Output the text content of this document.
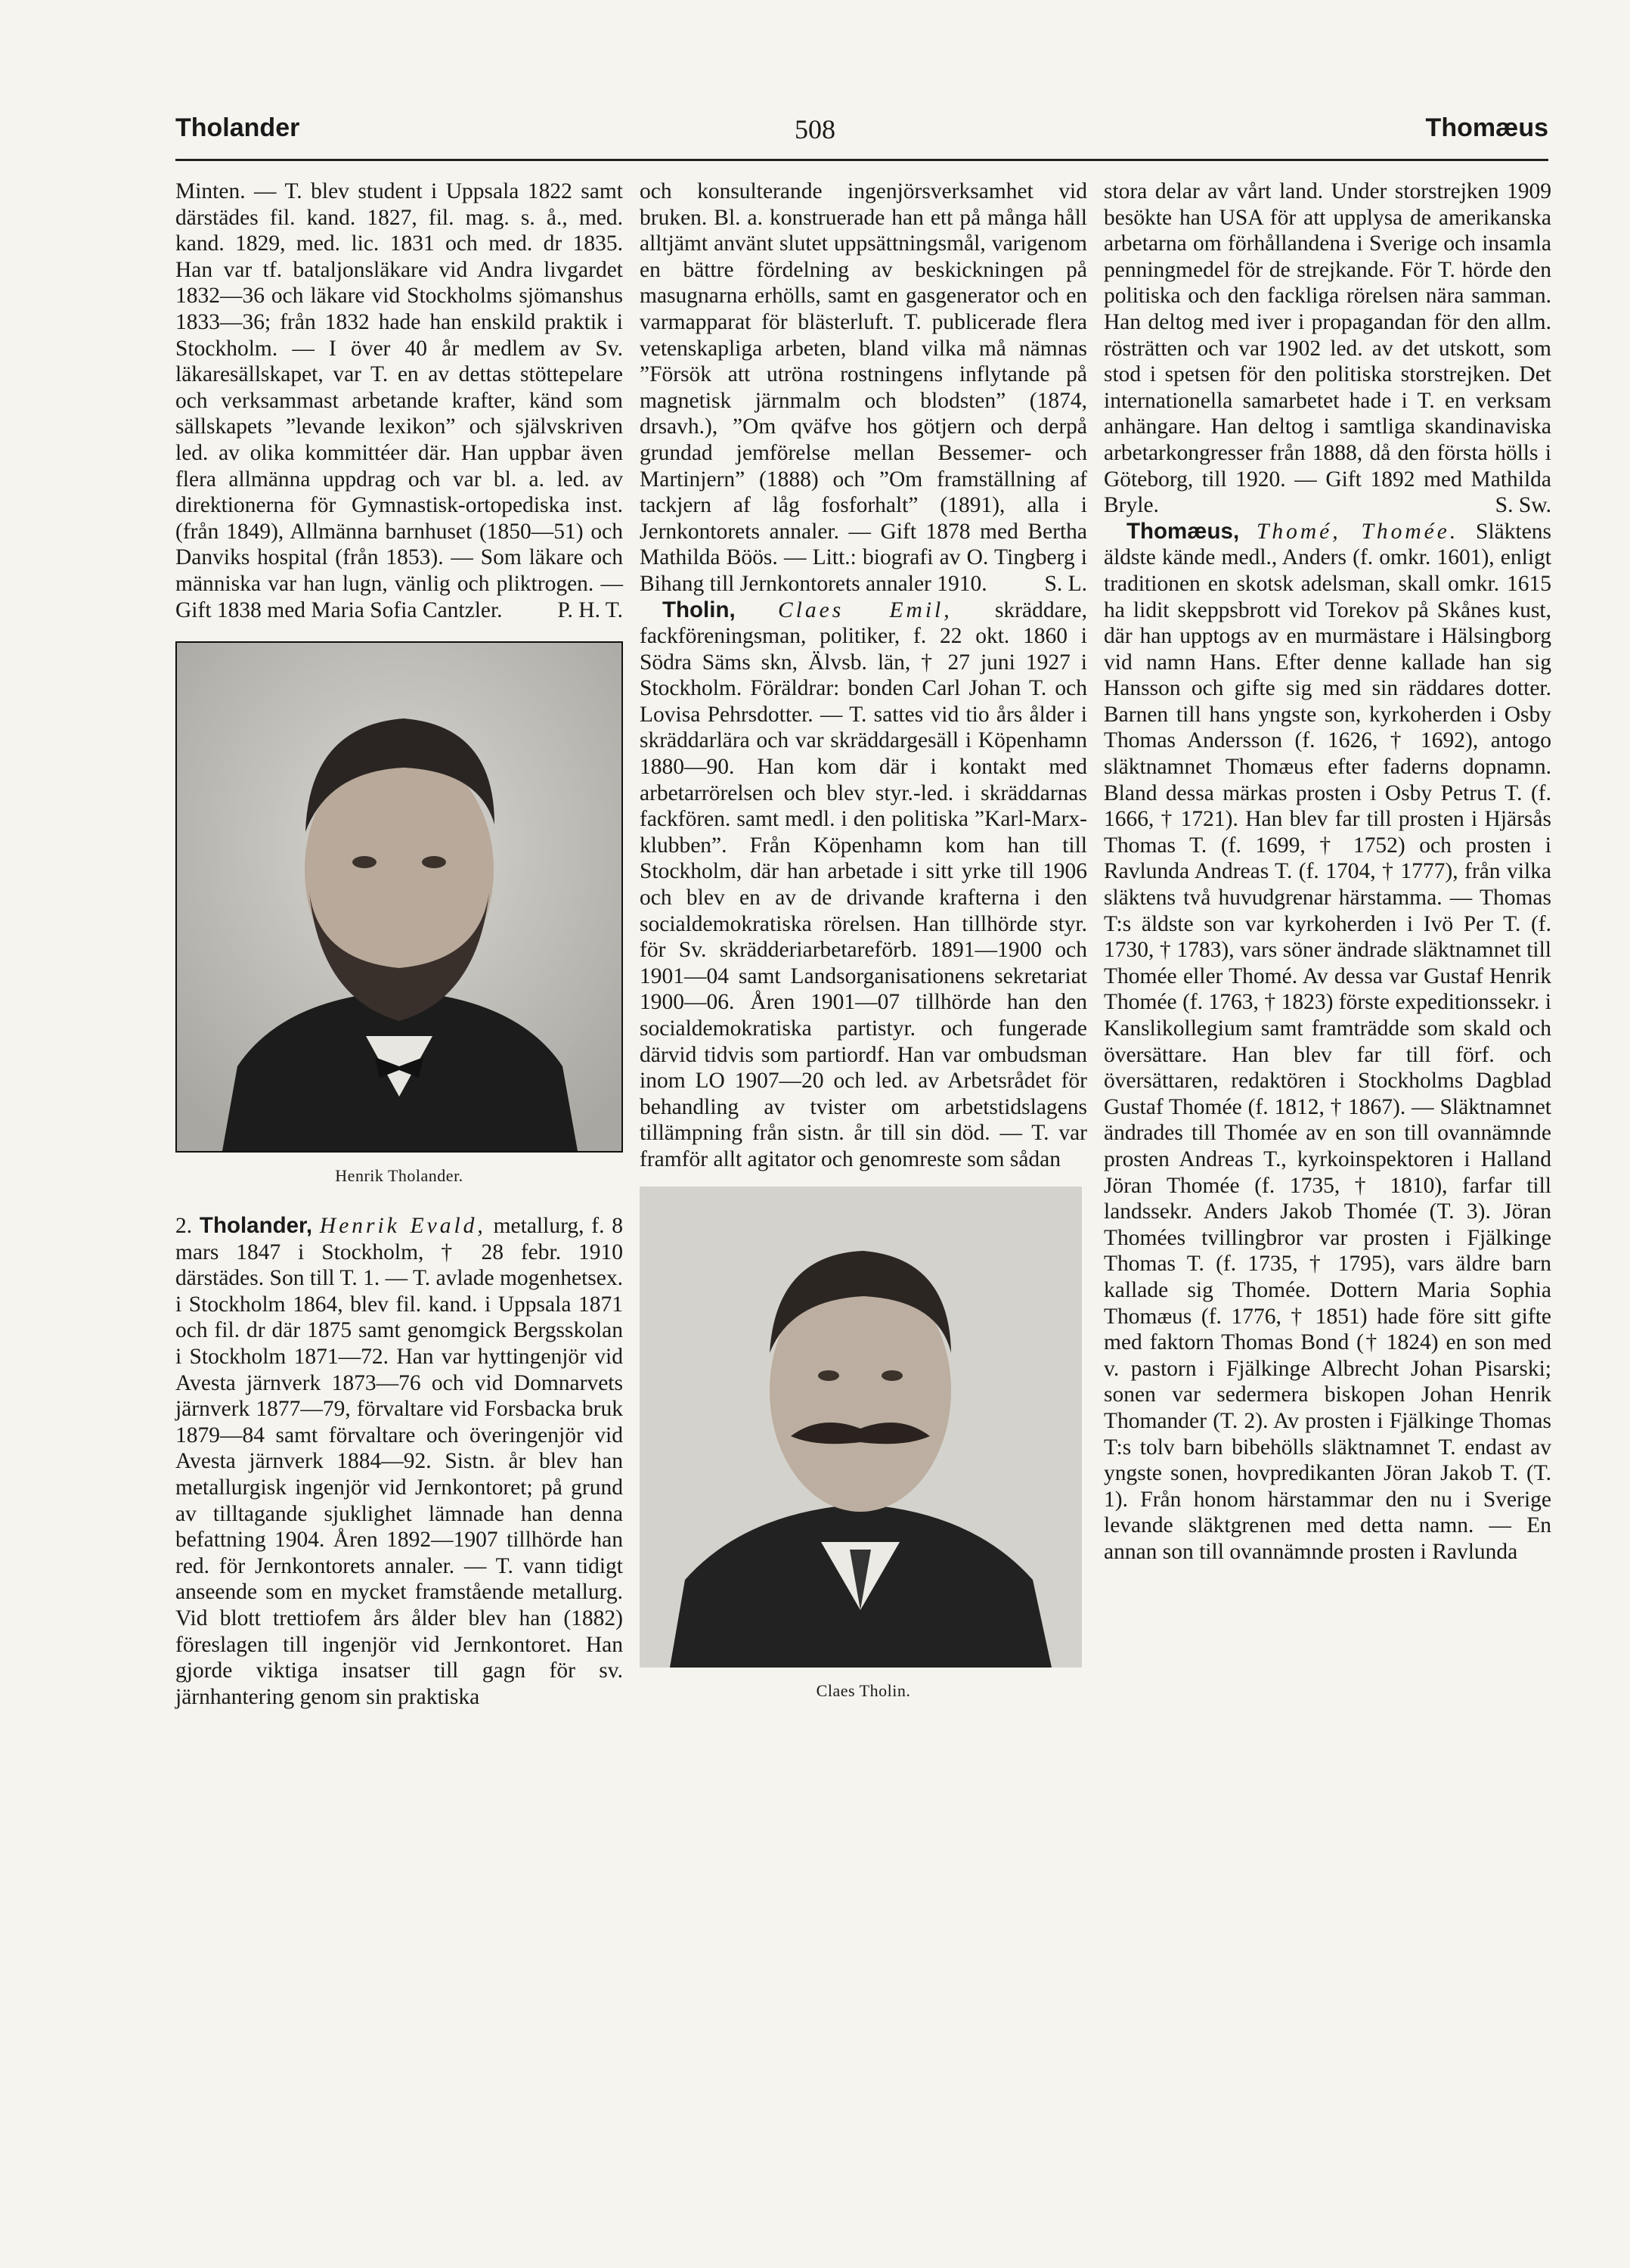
Tholander	508	Thomæus

Minten. — T. blev student i Uppsala 1822 samt därstädes fil. kand. 1827, fil. mag. s. å., med. kand. 1829, med. lic. 1831 och med. dr 1835. Han var tf. bataljonsläkare vid Andra livgardet 1832—36 och läkare vid Stockholms sjömanshus 1833—36; från 1832 hade han enskild praktik i Stockholm. — I över 40 år medlem av Sv. läkaresällskapet, var T. en av dettas stöttepelare och verksammast arbetande krafter, känd som sällskapets ”levande lexikon” och självskriven led. av olika kommittéer där. Han uppbar även flera allmänna uppdrag och var bl. a. led. av direktionerna för Gymnastisk-ortopediska inst. (från 1849), Allmänna barnhuset (1850—51) och Danviks hospital (från 1853). — Som läkare och människa var han lugn, vänlig och pliktrogen. — Gift 1838 med Maria Sofia Cantzler. P. H. T.

Henrik Tholander.

2. Tholander, Henrik Evald, metallurg, f. 8 mars 1847 i Stockholm, † 28 febr. 1910 därstädes. Son till T. 1. — T. avlade mogenhetsex. i Stockholm 1864, blev fil. kand. i Uppsala 1871 och fil. dr där 1875 samt genomgick Bergsskolan i Stockholm 1871—72. Han var hyttingenjör vid Avesta järnverk 1873—76 och vid Domnarvets järnverk 1877—79, förvaltare vid Forsbacka bruk 1879—84 samt förvaltare och överingenjör vid Avesta järnverk 1884—92. Sistn. år blev han metallurgisk ingenjör vid Jernkontoret; på grund av tilltagande sjuklighet lämnade han denna befattning 1904. Åren 1892—1907 tillhörde han red. för Jernkontorets annaler. — T. vann tidigt anseende som en mycket framstående metallurg. Vid blott trettiofem års ålder blev han (1882) föreslagen till ingenjör vid Jernkontoret. Han gjorde viktiga insatser till gagn för sv. järnhantering genom sin praktiska

och konsulterande ingenjörsverksamhet vid bruken. Bl. a. konstruerade han ett på många håll alltjämt använt slutet uppsättningsmål, varigenom en bättre fördelning av beskickningen på masugnarna erhölls, samt en gasgenerator och en varmapparat för blästerluft. T. publicerade flera vetenskapliga arbeten, bland vilka må nämnas ”Försök att utröna rostningens inflytande på magnetisk järnmalm och blodsten” (1874, drsavh.), ”Om qväfve hos götjern och derpå grundad jemförelse mellan Bessemer- och Martinjern” (1888) och ”Om framställning af tackjern af låg fosforhalt” (1891), alla i Jernkontorets annaler. — Gift 1878 med Bertha Mathilda Böös. — Litt.: biografi av O. Tingberg i Bihang till Jernkontorets annaler 1910.	S. L.

Tholin, Claes Emil, skräddare, fackföreningsman, politiker, f. 22 okt. 1860 i Södra Säms skn, Älvsb. län, † 27 juni 1927 i Stockholm. Föräldrar: bonden Carl Johan T. och Lovisa Pehrsdotter. — T. sattes vid tio års ålder i skräddarlära och var skräddargesäll i Köpenhamn 1880—90. Han kom där i kontakt med arbetarrörelsen och blev styr.-led. i skräddarnas fackfören. samt medl. i den politiska ”Karl-Marx-klubben”. Från Köpenhamn kom han till Stockholm, där han arbetade i sitt yrke till 1906 och blev en av de drivande krafterna i den socialdemokratiska rörelsen. Han tillhörde styr. för Sv. skrädderiarbetareförb. 1891—1900 och 1901—04 samt Landsorganisationens sekretariat 1900—06. Åren 1901—07 tillhörde han den socialdemokratiska partistyr. och fungerade därvid tidvis som partiordf. Han var ombudsman inom LO 1907—20 och led. av Arbetsrådet för behandling av tvister om arbetstidslagens tillämpning från sistn. år till sin död. — T. var framför allt agitator och genomreste som sådan

Claes Tholin.

stora delar av vårt land. Under storstrejken 1909 besökte han USA för att upplysa de amerikanska arbetarna om förhållandena i Sverige och insamla penningmedel för de strejkande. För T. hörde den politiska och den fackliga rörelsen nära samman. Han deltog med iver i propagandan för den allm. rösträtten och var 1902 led. av det utskott, som stod i spetsen för den politiska storstrejken. Det internationella samarbetet hade i T. en verksam anhängare. Han deltog i samtliga skandinaviska arbetarkongresser från 1888, då den första hölls i Göteborg, till 1920. — Gift 1892 med Mathilda Bryle.	S. Sw.

Thomæus, Thomé, Thomée. Släktens äldste kände medl., Anders (f. omkr. 1601), enligt traditionen en skotsk adelsman, skall omkr. 1615 ha lidit skeppsbrott vid Torekov på Skånes kust, där han upptogs av en murmästare i Hälsingborg vid namn Hans. Efter denne kallade han sig Hansson och gifte sig med sin räddares dotter. Barnen till hans yngste son, kyrkoherden i Osby Thomas Andersson (f. 1626, † 1692), antogo släktnamnet Thomæus efter faderns dopnamn. Bland dessa märkas prosten i Osby Petrus T. (f. 1666, † 1721). Han blev far till prosten i Hjärsås Thomas T. (f. 1699, † 1752) och prosten i Ravlunda Andreas T. (f. 1704, † 1777), från vilka släktens två huvudgrenar härstamma. — Thomas T:s äldste son var kyrkoherden i Ivö Per T. (f. 1730, † 1783), vars söner ändrade släktnamnet till Thomée eller Thomé. Av dessa var Gustaf Henrik Thomée (f. 1763, † 1823) förste expeditionssekr. i Kanslikollegium samt framträdde som skald och översättare. Han blev far till förf. och översättaren, redaktören i Stockholms Dagblad Gustaf Thomée (f. 1812, † 1867). — Släktnamnet ändrades till Thomée av en son till ovannämnde prosten Andreas T., kyrkoinspektoren i Halland Jöran Thomée (f. 1735, † 1810), farfar till landssekr. Anders Jakob Thomée (T. 3). Jöran Thomées tvillingbror var prosten i Fjälkinge Thomas T. (f. 1735, † 1795), vars äldre barn kallade sig Thomée. Dottern Maria Sophia Thomæus (f. 1776, † 1851) hade före sitt gifte med faktorn Thomas Bond († 1824) en son med v. pastorn i Fjälkinge Albrecht Johan Pisarski; sonen var sedermera biskopen Johan Henrik Thomander (T. 2). Av prosten i Fjälkinge Thomas T:s tolv barn bibehölls släktnamnet T. endast av yngste sonen, hovpredikanten Jöran Jakob T. (T. 1). Från honom härstammar den nu i Sverige levande släktgrenen med detta namn. — En annan son till ovannämnde prosten i Ravlunda
